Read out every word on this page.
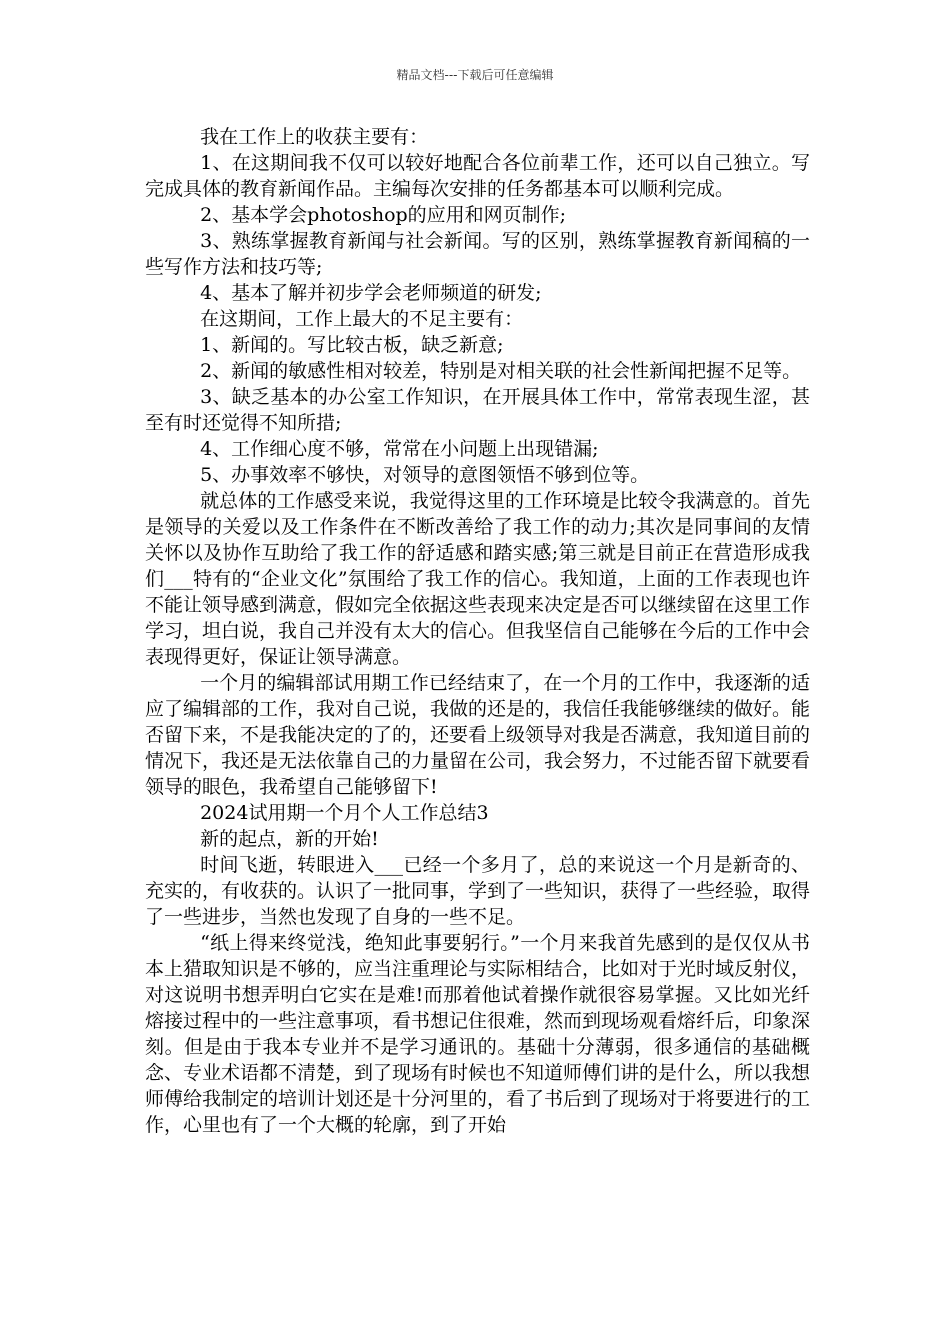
精品文档---下载后可任意编辑

我在工作上的收获主要有：

1、在这期间我不仅可以较好地配合各位前辈工作，还可以自己独立。写完成具体的教育新闻作品。主编每次安排的任务都基本可以顺利完成。

2、基本学会photoshop的应用和网页制作;

3、熟练掌握教育新闻与社会新闻。写的区别，熟练掌握教育新闻稿的一些写作方法和技巧等;

4、基本了解并初步学会老师频道的研发;

在这期间，工作上最大的不足主要有：

1、新闻的。写比较古板，缺乏新意;

2、新闻的敏感性相对较差，特别是对相关联的社会性新闻把握不足等。

3、缺乏基本的办公室工作知识，在开展具体工作中，常常表现生涩，甚至有时还觉得不知所措;

4、工作细心度不够，常常在小问题上出现错漏;

5、办事效率不够快，对领导的意图领悟不够到位等。

就总体的工作感受来说，我觉得这里的工作环境是比较令我满意的。首先是领导的关爱以及工作条件在不断改善给了我工作的动力;其次是同事间的友情关怀以及协作互助给了我工作的舒适感和踏实感;第三就是目前正在营造形成我们___特有的“企业文化”氛围给了我工作的信心。我知道，上面的工作表现也许不能让领导感到满意，假如完全依据这些表现来决定是否可以继续留在这里工作学习，坦白说，我自己并没有太大的信心。但我坚信自己能够在今后的工作中会表现得更好，保证让领导满意。

一个月的编辑部试用期工作已经结束了，在一个月的工作中，我逐渐的适应了编辑部的工作，我对自己说，我做的还是的，我信任我能够继续的做好。能否留下来，不是我能决定的了的，还要看上级领导对我是否满意，我知道目前的情况下，我还是无法依靠自己的力量留在公司，我会努力，不过能否留下就要看领导的眼色，我希望自己能够留下!

2024试用期一个月个人工作总结3

新的起点，新的开始!

时间飞逝，转眼进入___已经一个多月了，总的来说这一个月是新奇的、充实的，有收获的。认识了一批同事，学到了一些知识，获得了一些经验，取得了一些进步，当然也发现了自身的一些不足。

“纸上得来终觉浅，绝知此事要躬行。”一个月来我首先感到的是仅仅从书本上猎取知识是不够的，应当注重理论与实际相结合，比如对于光时域反射仪，对这说明书想弄明白它实在是难!而那着他试着操作就很容易掌握。又比如光纤熔接过程中的一些注意事项，看书想记住很难，然而到现场观看熔纤后，印象深刻。但是由于我本专业并不是学习通讯的。基础十分薄弱，很多通信的基础概念、专业术语都不清楚，到了现场有时候也不知道师傅们讲的是什么，所以我想师傅给我制定的培训计划还是十分河里的，看了书后到了现场对于将要进行的工作，心里也有了一个大概的轮廓，到了开始
